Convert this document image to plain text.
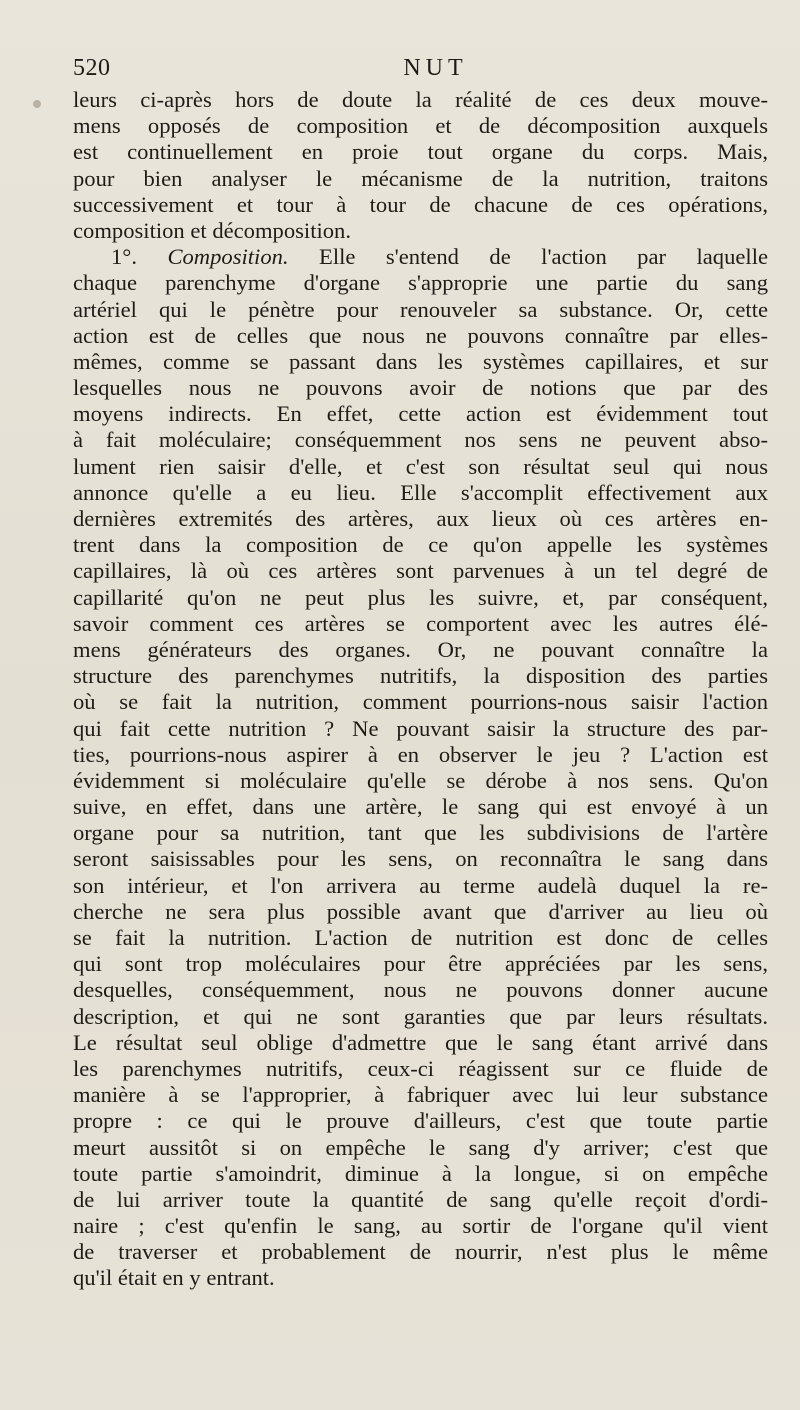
520	NUT
leurs ci-après hors de doute la réalité de ces deux mouve-
mens opposés de composition et de décomposition auxquels
est continuellement en proie tout organe du corps. Mais,
pour bien analyser le mécanisme de la nutrition, traitons
successivement et tour à tour de chacune de ces opérations,
composition et décomposition.
1°. Composition. Elle s'entend de l'action par laquelle
chaque parenchyme d'organe s'approprie une partie du sang
artériel qui le pénètre pour renouveler sa substance. Or, cette
action est de celles que nous ne pouvons connaître par elles-
mêmes, comme se passant dans les systèmes capillaires, et sur
lesquelles nous ne pouvons avoir de notions que par des
moyens indirects. En effet, cette action est évidemment tout
à fait moléculaire; conséquemment nos sens ne peuvent abso-
lument rien saisir d'elle, et c'est son résultat seul qui nous
annonce qu'elle a eu lieu. Elle s'accomplit effectivement aux
dernières extremités des artères, aux lieux où ces artères en-
trent dans la composition de ce qu'on appelle les systèmes
capillaires, là où ces artères sont parvenues à un tel degré de
capillarité qu'on ne peut plus les suivre, et, par conséquent,
savoir comment ces artères se comportent avec les autres élé-
mens générateurs des organes. Or, ne pouvant connaître la
structure des parenchymes nutritifs, la disposition des parties
où se fait la nutrition, comment pourrions-nous saisir l'action
qui fait cette nutrition ? Ne pouvant saisir la structure des par-
ties, pourrions-nous aspirer à en observer le jeu ? L'action est
évidemment si moléculaire qu'elle se dérobe à nos sens. Qu'on
suive, en effet, dans une artère, le sang qui est envoyé à un
organe pour sa nutrition, tant que les subdivisions de l'artère
seront saisissables pour les sens, on reconnaîtra le sang dans
son intérieur, et l'on arrivera au terme audelà duquel la re-
cherche ne sera plus possible avant que d'arriver au lieu où
se fait la nutrition. L'action de nutrition est donc de celles
qui sont trop moléculaires pour être appréciées par les sens,
desquelles, conséquemment, nous ne pouvons donner aucune
description, et qui ne sont garanties que par leurs résultats.
Le résultat seul oblige d'admettre que le sang étant arrivé dans
les parenchymes nutritifs, ceux-ci réagissent sur ce fluide de
manière à se l'approprier, à fabriquer avec lui leur substance
propre : ce qui le prouve d'ailleurs, c'est que toute partie
meurt aussitôt si on empêche le sang d'y arriver; c'est que
toute partie s'amoindrit, diminue à la longue, si on empêche
de lui arriver toute la quantité de sang qu'elle reçoit d'ordi-
naire ; c'est qu'enfin le sang, au sortir de l'organe qu'il vient
de traverser et probablement de nourrir, n'est plus le même
qu'il était en y entrant.
